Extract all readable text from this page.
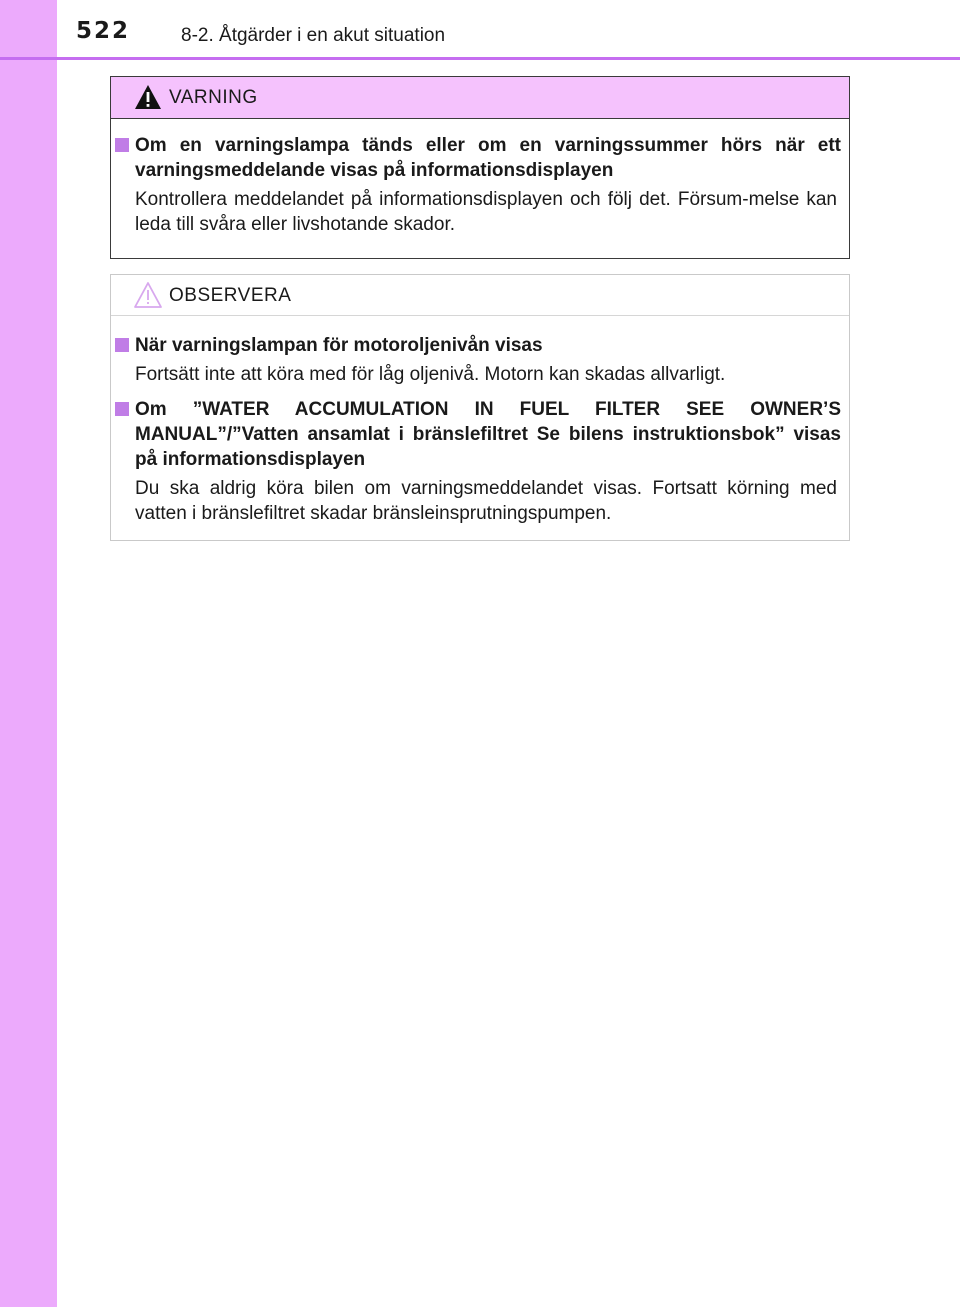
522	8-2. Åtgärder i en akut situation
VARNING
Om en varningslampa tänds eller om en varningssummer hörs när ett varningsmeddelande visas på informationsdisplayen
Kontrollera meddelandet på informationsdisplayen och följ det. Försum-melse kan leda till svåra eller livshotande skador.
OBSERVERA
När varningslampan för motoroljenivån visas
Fortsätt inte att köra med för låg oljenivå. Motorn kan skadas allvarligt.
Om ”WATER ACCUMULATION IN FUEL FILTER SEE OWNER’S MANUAL”/”Vatten ansamlat i bränslefiltret Se bilens instruktionsbok” visas på informationsdisplayen
Du ska aldrig köra bilen om varningsmeddelandet visas. Fortsatt körning med vatten i bränslefiltret skadar bränsleinsprutningspumpen.
